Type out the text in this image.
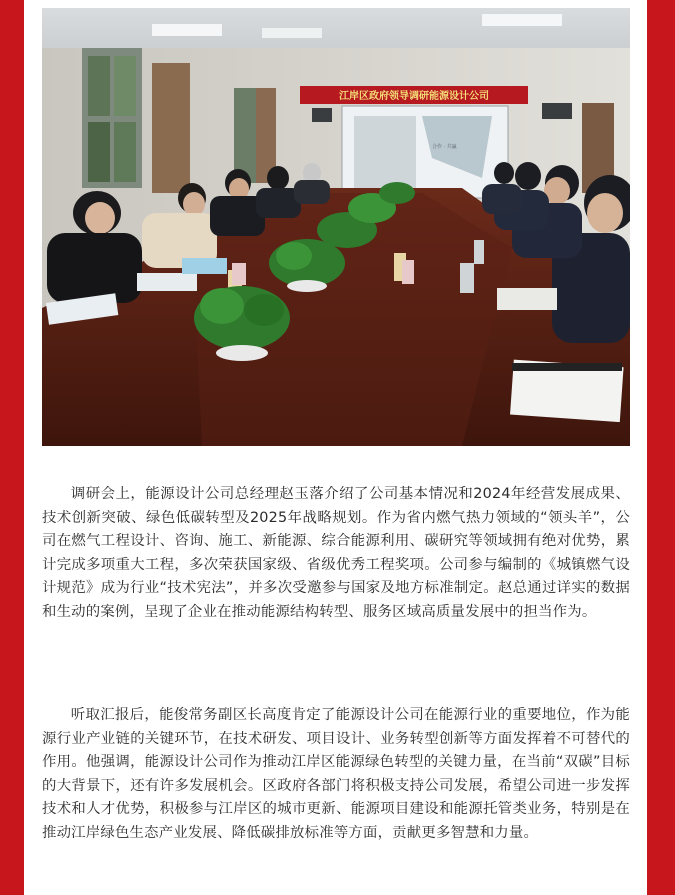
江岸区政府领导调研能源设计公司
合作 · 共赢

调研会上，能源设计公司总经理赵玉落介绍了公司基本情况和2024年经营发展成果、技术创新突破、绿色低碳转型及2025年战略规划。作为省内燃气热力领域的“领头羊”，公司在燃气工程设计、咨询、施工、新能源、综合能源利用、碳研究等领域拥有绝对优势，累计完成多项重大工程，多次荣获国家级、省级优秀工程奖项。公司参与编制的《城镇燃气设计规范》成为行业“技术宪法”，并多次受邀参与国家及地方标准制定。赵总通过详实的数据和生动的案例，呈现了企业在推动能源结构转型、服务区域高质量发展中的担当作为。

听取汇报后，能俊常务副区长高度肯定了能源设计公司在能源行业的重要地位，作为能源行业产业链的关键环节，在技术研发、项目设计、业务转型创新等方面发挥着不可替代的作用。他强调，能源设计公司作为推动江岸区能源绿色转型的关键力量，在当前“双碳”目标的大背景下，还有许多发展机会。区政府各部门将积极支持公司发展，希望公司进一步发挥技术和人才优势，积极参与江岸区的城市更新、能源项目建设和能源托管类业务，特别是在推动江岸绿色生态产业发展、降低碳排放标准等方面，贡献更多智慧和力量。
